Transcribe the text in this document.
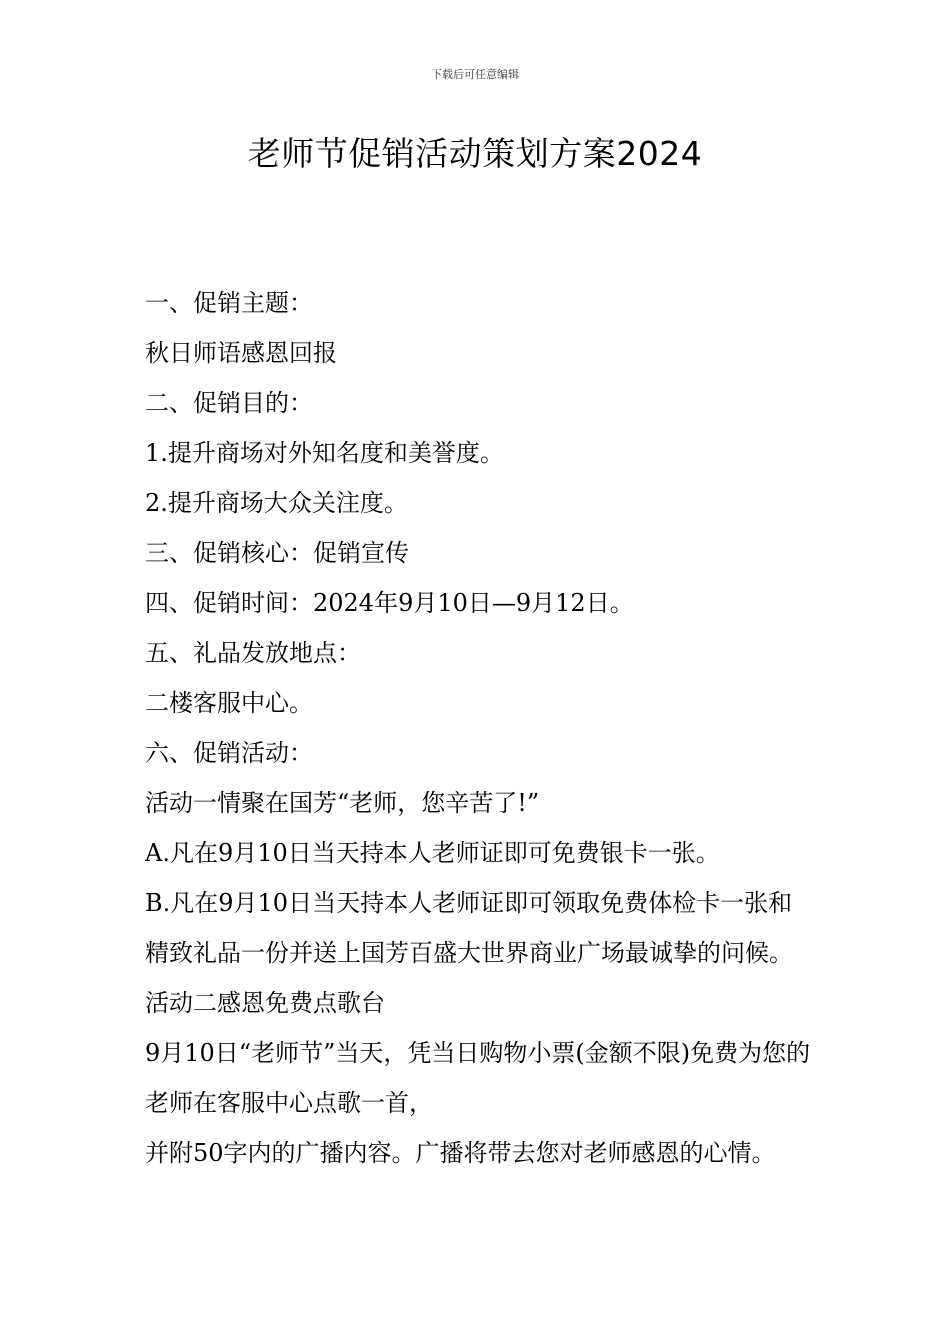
下载后可任意编辑
老师节促销活动策划方案2024

一、促销主题：

秋日师语感恩回报

二、促销目的：

1.提升商场对外知名度和美誉度。

2.提升商场大众关注度。

三、促销核心：促销宣传

四、促销时间：2024年9月10日—9月12日。

五、礼品发放地点：

二楼客服中心。

六、促销活动：

活动一情聚在国芳“老师，您辛苦了!”

A.凡在9月10日当天持本人老师证即可免费银卡一张。

B.凡在9月10日当天持本人老师证即可领取免费体检卡一张和精致礼品一份并送上国芳百盛大世界商业广场最诚挚的问候。

活动二感恩免费点歌台

9月10日“老师节”当天，凭当日购物小票(金额不限)免费为您的老师在客服中心点歌一首，

并附50字内的广播内容。广播将带去您对老师感恩的心情。
